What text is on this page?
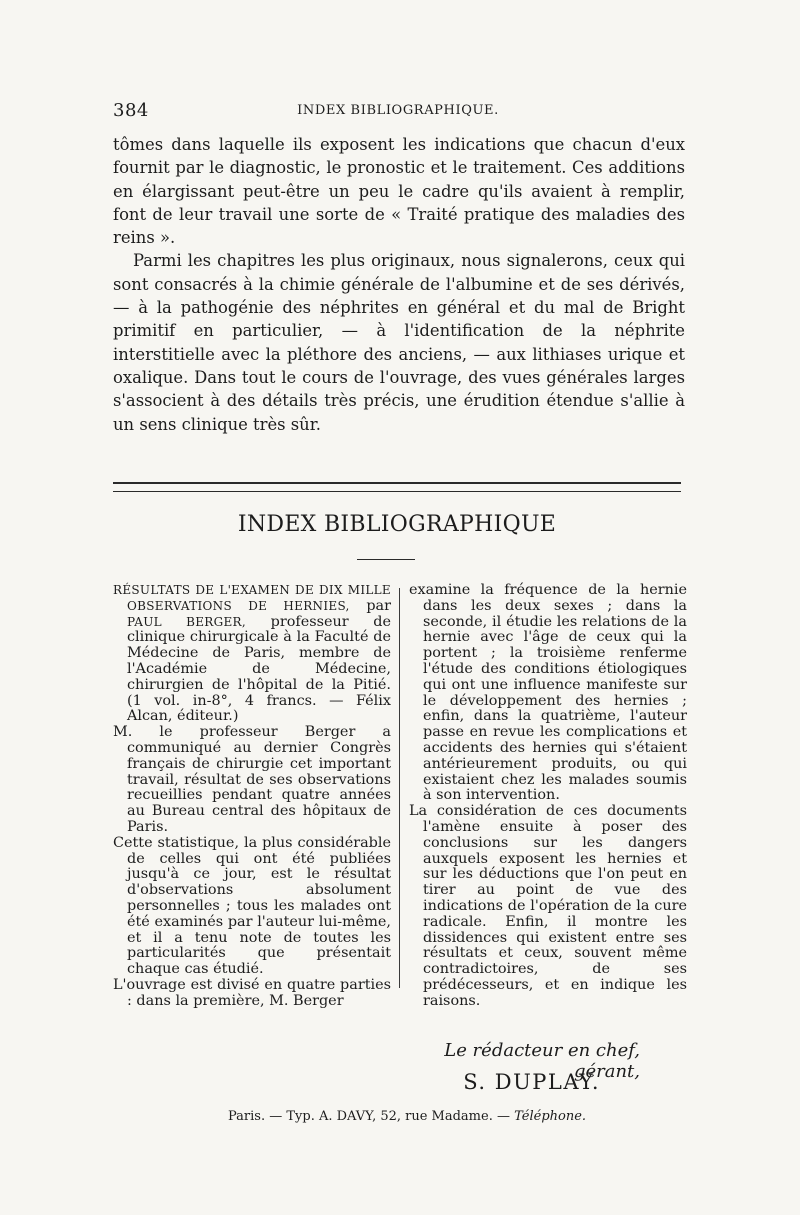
384	INDEX BIBLIOGRAPHIQUE.

tômes dans laquelle ils exposent les indications que chacun d'eux fournit par le diagnostic, le pronostic et le traitement. Ces additions en élargissant peut-être un peu le cadre qu'ils avaient à remplir, font de leur travail une sorte de « Traité pratique des maladies des reins ».

Parmi les chapitres les plus originaux, nous signalerons, ceux qui sont consacrés à la chimie générale de l'albumine et de ses dérivés, — à la pathogénie des néphrites en général et du mal de Bright primitif en particulier, — à l'identification de la néphrite interstitielle avec la pléthore des anciens, — aux lithiases urique et oxalique. Dans tout le cours de l'ouvrage, des vues générales larges s'associent à des détails très précis, une érudition étendue s'allie à un sens clinique très sûr.

INDEX BIBLIOGRAPHIQUE

RÉSULTATS DE L'EXAMEN DE DIX MILLE OBSERVATIONS DE HERNIES, par PAUL BERGER, professeur de clinique chirurgicale à la Faculté de Médecine de Paris, membre de l'Académie de Médecine, chirurgien de l'hôpital de la Pitié. (1 vol. in-8°, 4 francs. — Félix Alcan, éditeur.)

M. le professeur Berger a communiqué au dernier Congrès français de chirurgie cet important travail, résultat de ses observations recueillies pendant quatre années au Bureau central des hôpitaux de Paris.

Cette statistique, la plus considérable de celles qui ont été publiées jusqu'à ce jour, est le résultat d'observations absolument personnelles ; tous les malades ont été examinés par l'auteur lui-même, et il a tenu note de toutes les particularités que présentait chaque cas étudié.

L'ouvrage est divisé en quatre parties : dans la première, M. Berger

examine la fréquence de la hernie dans les deux sexes ; dans la seconde, il étudie les relations de la hernie avec l'âge de ceux qui la portent ; la troisième renferme l'étude des conditions étiologiques qui ont une influence manifeste sur le développement des hernies ; enfin, dans la quatrième, l'auteur passe en revue les complications et accidents des hernies qui s'étaient antérieurement produits, ou qui existaient chez les malades soumis à son intervention.

La considération de ces documents l'amène ensuite à poser des conclusions sur les dangers auxquels exposent les hernies et sur les déductions que l'on peut en tirer au point de vue des indications de l'opération de la cure radicale. Enfin, il montre les dissidences qui existent entre ses résultats et ceux, souvent même contradictoires, de ses prédécesseurs, et en indique les raisons.

Le rédacteur en chef, gérant,
S. DUPLAY.
Paris. — Typ. A. DAVY, 52, rue Madame. — Téléphone.
